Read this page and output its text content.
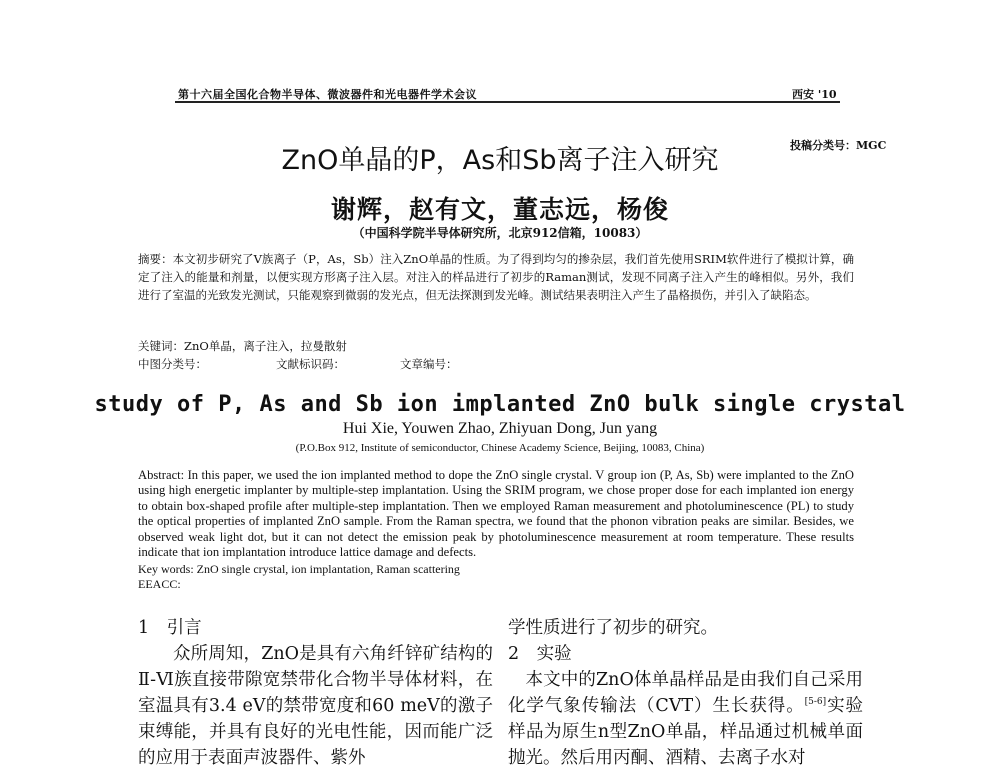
第十六届全国化合物半导体、微波器件和光电器件学术会议	西安 '10
投稿分类号：MGC
ZnO单晶的P，As和Sb离子注入研究
谢辉，赵有文，董志远，杨俊
（中国科学院半导体研究所，北京912信箱，10083）
摘要：本文初步研究了Ⅴ族离子（P，As，Sb）注入ZnO单晶的性质。为了得到均匀的掺杂层，我们首先使用SRIM软件进行了模拟计算，确定了注入的能量和剂量，以便实现方形离子注入层。对注入的样品进行了初步的Raman测试，发现不同离子注入产生的峰相似。另外，我们进行了室温的光致发光测试，只能观察到微弱的发光点，但无法探测到发光峰。测试结果表明注入产生了晶格损伤，并引入了缺陷态。
关键词：ZnO单晶，离子注入，拉曼散射
中图分类号：	文献标识码：	文章编号：
study of P, As and Sb ion implanted ZnO bulk single crystal
Hui Xie, Youwen Zhao, Zhiyuan Dong, Jun yang
(P.O.Box 912, Institute of semiconductor, Chinese Academy Science, Beijing, 10083, China)
Abstract: In this paper, we used the ion implanted method to dope the ZnO single crystal. V group ion (P, As, Sb) were implanted to the ZnO using high energetic implanter by multiple-step implantation. Using the SRIM program, we chose proper dose for each implanted ion energy to obtain box-shaped profile after multiple-step implantation. Then we employed Raman measurement and photoluminescence (PL) to study the optical properties of implanted ZnO sample. From the Raman spectra, we found that the phonon vibration peaks are similar. Besides, we observed weak light dot, but it can not detect the emission peak by photoluminescence measurement at room temperature. These results indicate that ion implantation introduce lattice damage and defects.
Key words: ZnO single crystal, ion implantation, Raman scattering
EEACC:
1　引言
众所周知，ZnO是具有六角纤锌矿结构的Ⅱ-Ⅵ族直接带隙宽禁带化合物半导体材料，在室温具有3.4 eV的禁带宽度和60 meV的激子束缚能，并具有良好的光电性能，因而能广泛的应用于表面声波器件、紫外
学性质进行了初步的研究。
2　实验
本文中的ZnO体单晶样品是由我们自己采用化学气象传输法（CVT）生长获得。[5-6]实验样品为原生n型ZnO单晶，样品通过机械单面抛光。然后用丙酮、酒精、去离子水对
